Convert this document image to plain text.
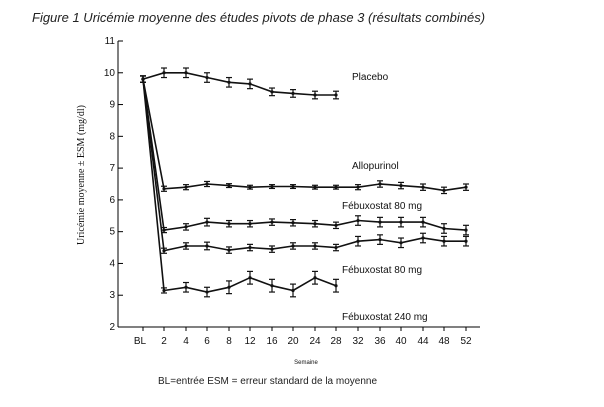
Figure 1 Uricémie moyenne des études pivots de phase 3 (résultats combinés)
2
3
4
5
6
7
8
9
10
11
BL 2 4 6 8 12 16 20 24 28 32 36 40 44 48 52
Placebo
Allopurinol
Fébuxostat 80 mg
Fébuxostat 80 mg
Fébuxostat 240 mg
Uricémie moyenne ± ESM (mg/dl)
Semaine
BL=entrée ESM = erreur standard de la moyenne
